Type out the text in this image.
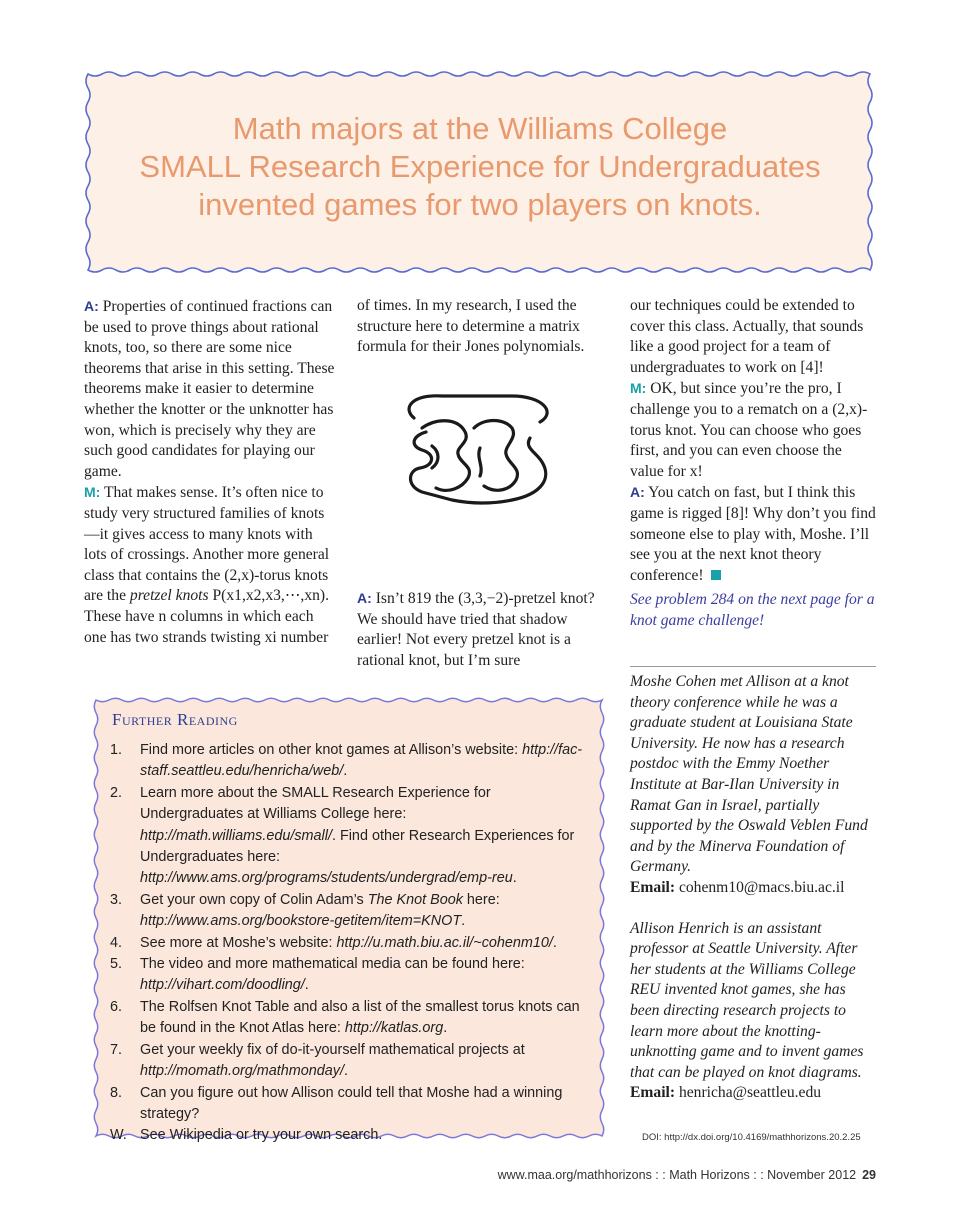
Math majors at the Williams College
SMALL Research Experience for Undergraduates
invented games for two players on knots.

A: Properties of continued fractions can be used to prove things about rational knots, too, so there are some nice theorems that arise in this setting. These theorems make it easier to determine whether the knotter or the unknotter has won, which is precisely why they are such good candidates for playing our game.

M: That makes sense. It’s often nice to study very structured families of knots—it gives access to many knots with lots of crossings. Another more general class that contains the (2,x)-torus knots are the pretzel knots P(x1,x2,x3,⋯,xn). These have n columns in which each one has two strands twisting xi number

of times. In my research, I used the structure here to determine a matrix formula for their Jones polynomials.

A: Isn’t 819 the (3,3,−2)-pretzel knot? We should have tried that shadow earlier! Not every pretzel knot is a rational knot, but I’m sure

our techniques could be extended to cover this class. Actually, that sounds like a good project for a team of undergraduates to work on [4]!

M: OK, but since you’re the pro, I challenge you to a rematch on a (2,x)-torus knot. You can choose who goes first, and you can even choose the value for x!

A: You catch on fast, but I think this game is rigged [8]! Why don’t you find someone else to play with, Moshe. I’ll see you at the next knot theory conference!

See problem 284 on the next page for a knot game challenge!

Moshe Cohen met Allison at a knot theory conference while he was a graduate student at Louisiana State University. He now has a research postdoc with the Emmy Noether Institute at Bar-Ilan University in Ramat Gan in Israel, partially supported by the Oswald Veblen Fund and by the Minerva Foundation of Germany.

Email: cohenm10@macs.biu.ac.il

Allison Henrich is an assistant professor at Seattle University. After her students at the Williams College REU invented knot games, she has been directing research projects to learn more about the knotting-unknotting game and to invent games that can be played on knot diagrams.

Email: henricha@seattleu.edu

DOI: http://dx.doi.org/10.4169/mathhorizons.20.2.25
Further Reading
1. Find more articles on other knot games at Allison’s website: http://fac-staff.seattleu.edu/henricha/web/.
2. Learn more about the SMALL Research Experience for Undergraduates at Williams College here: http://math.williams.edu/small/. Find other Research Experiences for Undergraduates here: http://www.ams.org/programs/students/undergrad/emp-reu.
3. Get your own copy of Colin Adam’s The Knot Book here: http://www.ams.org/bookstore-getitem/item=KNOT.
4. See more at Moshe’s website: http://u.math.biu.ac.il/~cohenm10/.
5. The video and more mathematical media can be found here: http://vihart.com/doodling/.
6. The Rolfsen Knot Table and also a list of the smallest torus knots can be found in the Knot Atlas here: http://katlas.org.
7. Get your weekly fix of do-it-yourself mathematical projects at http://momath.org/mathmonday/.
8. Can you figure out how Allison could tell that Moshe had a winning strategy?
W. See Wikipedia or try your own search.
www.maa.org/mathhorizons : : Math Horizons : : November 2012 29
